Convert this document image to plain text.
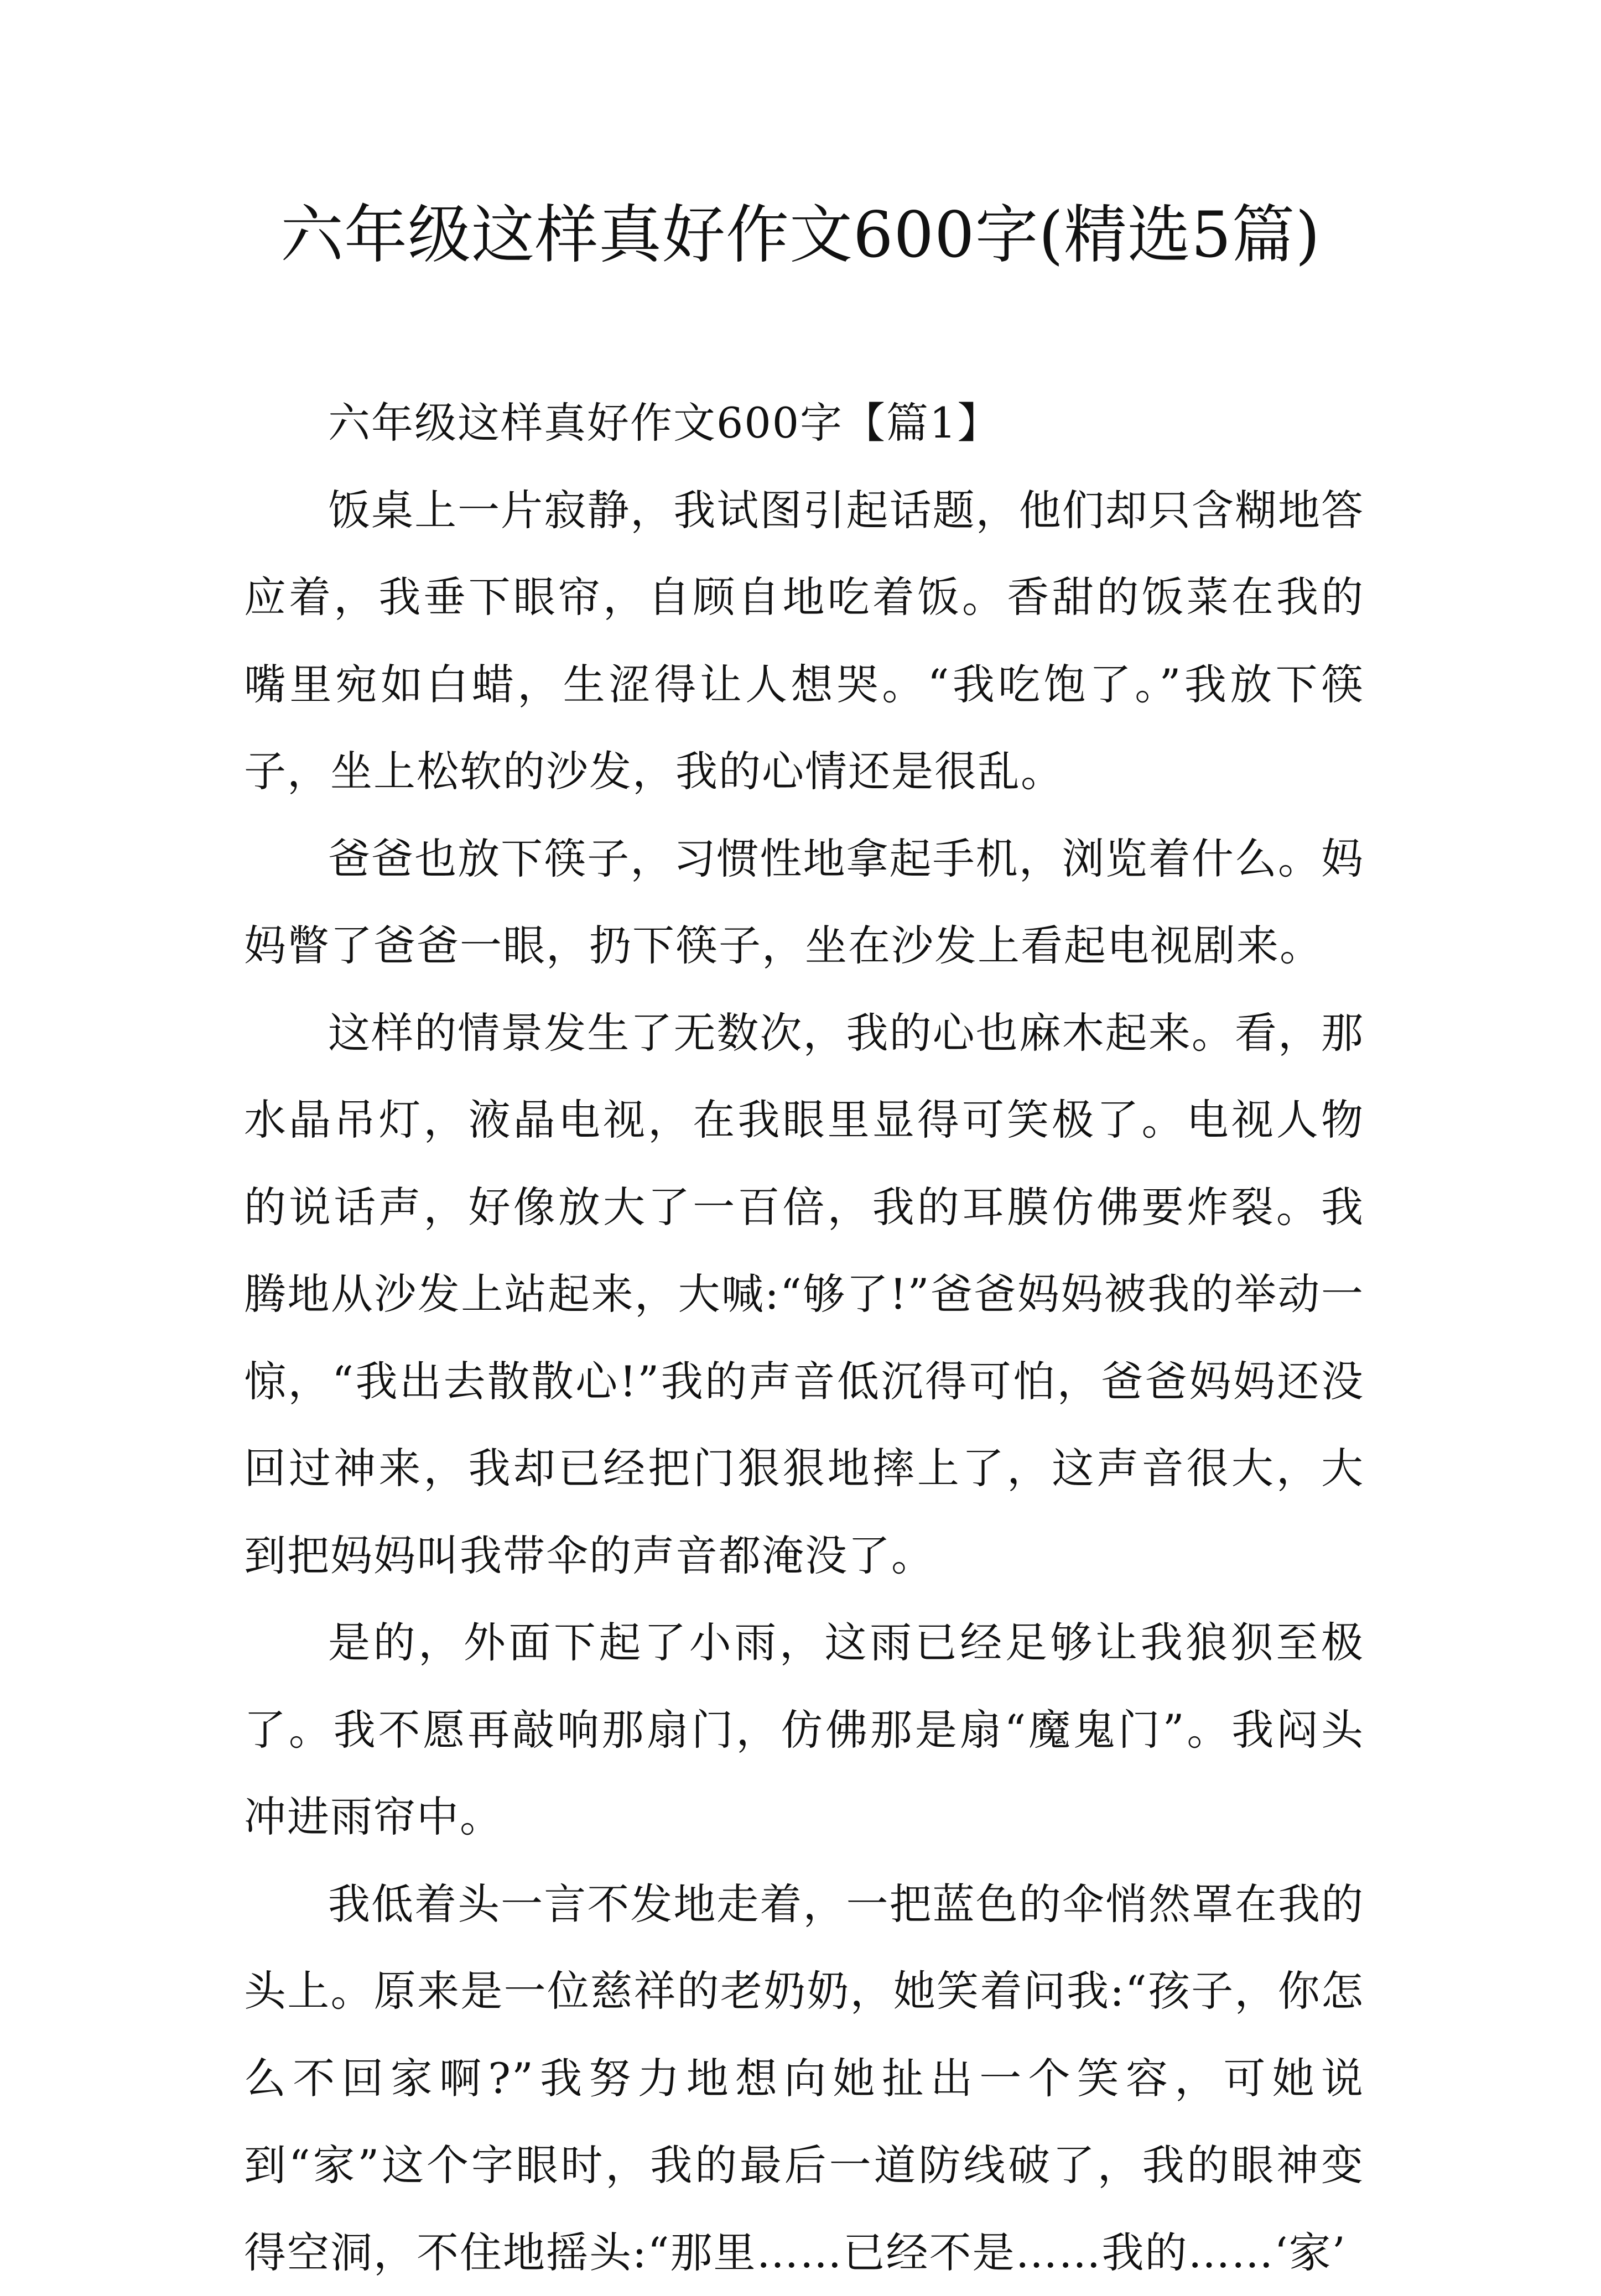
六年级这样真好作文600字(精选5篇)

六年级这样真好作文600字【篇1】

饭桌上一片寂静，我试图引起话题，他们却只含糊地答应着，我垂下眼帘，自顾自地吃着饭。香甜的饭菜在我的嘴里宛如白蜡，生涩得让人想哭。“我吃饱了。”我放下筷子，坐上松软的沙发，我的心情还是很乱。

爸爸也放下筷子，习惯性地拿起手机，浏览着什么。妈妈瞥了爸爸一眼，扔下筷子，坐在沙发上看起电视剧来。

这样的情景发生了无数次，我的心也麻木起来。看，那水晶吊灯，液晶电视，在我眼里显得可笑极了。电视人物的说话声，好像放大了一百倍，我的耳膜仿佛要炸裂。我腾地从沙发上站起来，大喊:“够了!”爸爸妈妈被我的举动一惊，“我出去散散心!”我的声音低沉得可怕，爸爸妈妈还没回过神来，我却已经把门狠狠地摔上了，这声音很大，大到把妈妈叫我带伞的声音都淹没了。

是的，外面下起了小雨，这雨已经足够让我狼狈至极了。我不愿再敲响那扇门，仿佛那是扇“魔鬼门”。我闷头冲进雨帘中。

我低着头一言不发地走着，一把蓝色的伞悄然罩在我的头上。原来是一位慈祥的老奶奶，她笑着问我:“孩子，你怎么不回家啊?”我努力地想向她扯出一个笑容，可她说到“家”这个字眼时，我的最后一道防线破了，我的眼神变得空洞，不住地摇头:“那里……已经不是……我的……‘家’
